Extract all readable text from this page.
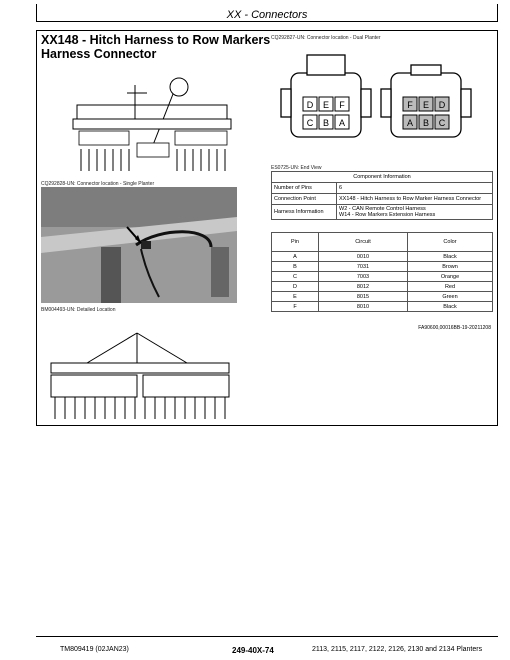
XX - Connectors
XX148 - Hitch Harness to Row Markers
Harness Connector
CQ292828-UN: Connector location - Single Planter
BM004493-UN: Detailed Location
CQ292827-UN: Connector location - Dual Planter
D E F
C B A
F E D
A B C
ES0725-UN: End View
Component Information	
Number of Pins	6
Connection Point	XX148 - Hitch Harness to Row Marker Harness Connector
Harness Information	W2 - CAN Remote Control Harness
W14 - Row Markers Extension Harness
Pin	Circuit	Color
A	0010	Black
B	7031	Brown
C	7003	Orange
D	8012	Red
E	8015	Green
F	8010	Black
FA90600,00016BB-19-20211208
TM809419 (02JAN23)	249-40X-74	2113, 2115, 2117, 2122, 2126, 2130 and 2134 Planters
